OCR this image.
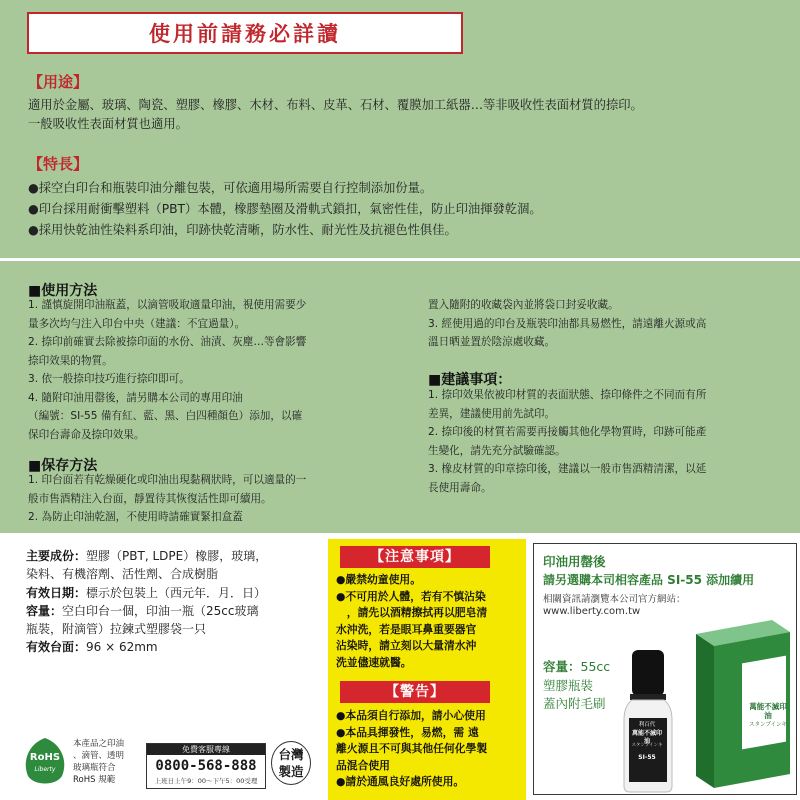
使用前請務必詳讀
【用途】
適用於金屬、玻璃、陶瓷、塑膠、橡膠、木材、布料、皮革、石材、覆膜加工紙器…等非吸收性表面材質的捺印。
一般吸收性表面材質也適用。
【特長】
●採空白印台和瓶裝印油分離包裝，可依適用場所需要自行控制添加份量。
●印台採用耐衝擊塑料（PBT）本體，橡膠墊圈及滑軌式鎖扣，氣密性佳，防止印油揮發乾涸。
●採用快乾油性染料系印油，印跡快乾清晰，防水性、耐光性及抗褪色性俱佳。
■使用方法
1. 謹慎旋開印油瓶蓋，以滴管吸取適量印油，視使用需要少
量多次均勻注入印台中央（建議：不宜過量）。
2. 捺印前確實去除被捺印面的水份、油漬、灰塵…等會影響
捺印效果的物質。
3. 依一般捺印技巧進行捺印即可。
4. 隨附印油用罄後，請另購本公司的專用印油
（編號：SI-55 備有紅、藍、黑、白四種顏色）添加，以確
保印台壽命及捺印效果。
■保存方法
1. 印台面若有乾燥硬化或印油出現黏稠狀時，可以適量的一
般市售酒精注入台面，靜置待其恢復活性即可續用。
2. 為防止印油乾涸，不使用時請確實緊扣盒蓋
置入隨附的收藏袋內並將袋口封妥收藏。
3. 經使用過的印台及瓶裝印油都具易燃性，請遠離火源或高
溫日晒並置於陰涼處收藏。
■建議事項：
1. 捺印效果依被印材質的表面狀態、捺印條件之不同而有所
差異，建議使用前先試印。
2. 捺印後的材質若需要再接觸其他化學物質時，印跡可能產
生變化，請先充分試驗確認。
3. 橡皮材質的印章捺印後，建議以一般市售酒精清潔，以延
長使用壽命。
主要成份：塑膠（PBT, LDPE）橡膠，玻璃，
染料、有機溶劑、活性劑、合成樹脂
有效日期：標示於包裝上（西元年．月．日）
容量：空白印台一個，印油一瓶（25cc玻璃
瓶裝，附滴管）拉鍊式塑膠袋一只
有效台面：96 × 62mm
【注意事項】
●嚴禁幼童使用。
●不可用於人體，若有不慎沾染
　，請先以酒精擦拭再以肥皂清
水沖洗，若是眼耳鼻重要器官
沾染時，請立刻以大量清水沖
洗並儘速就醫。
【警告】
●本品須自行添加，請小心使用
●本品具揮發性，易燃，需 遠
離火源且不可與其他任何化學製
品混合使用
●請於通風良好處所使用。
印油用罄後
請另選購本司相容產品 SI-55 添加續用
相關資訊請瀏覽本公司官方網站：
www.liberty.com.tw
容量：55cc
塑膠瓶裝
蓋內附毛刷
Liberty
萬能不滅印油
スタンプインキ
利百代
萬能不滅印油
スタンプインキ
SI-55
RoHS
Liberty
本產品之印油
、滴管、透明
玻璃瓶符合
RoHS 規範
免費客服專線
0800-568-888
上班日上午9：00～下午5：00受理
台灣
製造
